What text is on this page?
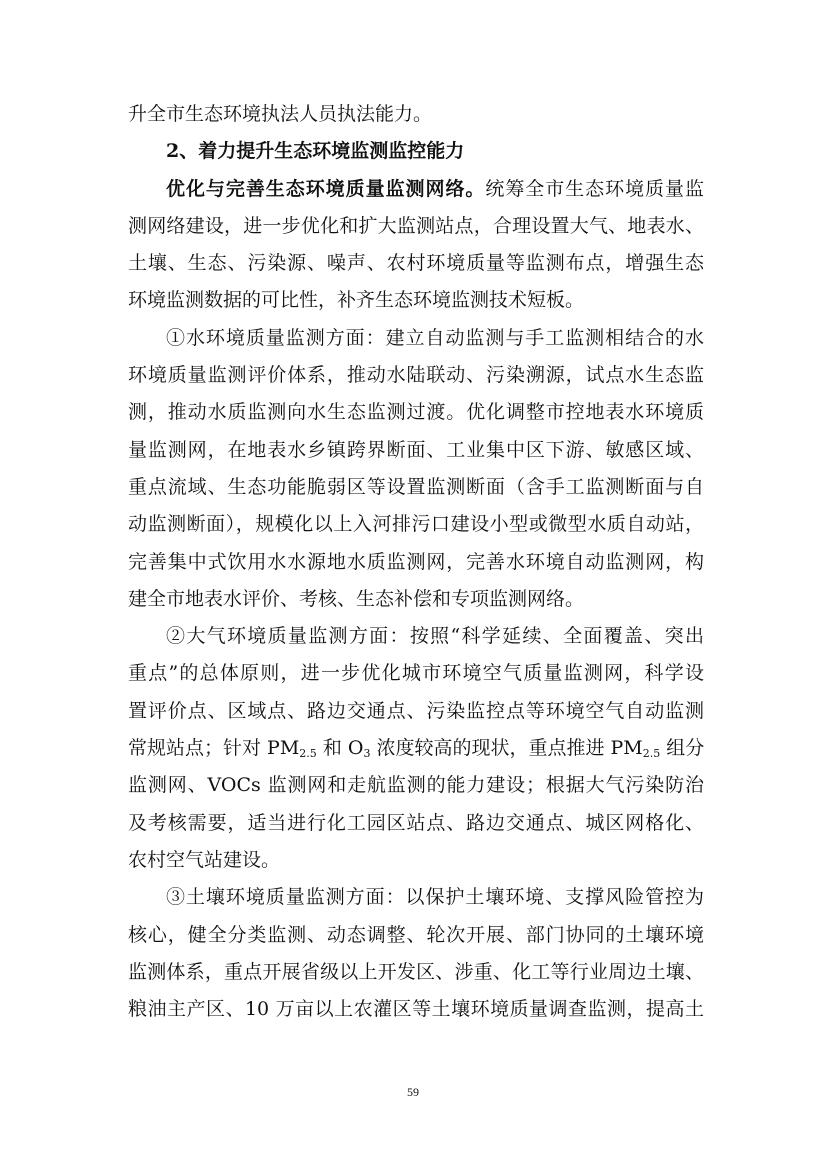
升全市生态环境执法人员执法能力。
2、着力提升生态环境监测监控能力
优化与完善生态环境质量监测网络。统筹全市生态环境质量监
测网络建设，进一步优化和扩大监测站点，合理设置大气、地表水、
土壤、生态、污染源、噪声、农村环境质量等监测布点，增强生态
环境监测数据的可比性，补齐生态环境监测技术短板。
①水环境质量监测方面：建立自动监测与手工监测相结合的水
环境质量监测评价体系，推动水陆联动、污染溯源，试点水生态监
测，推动水质监测向水生态监测过渡。优化调整市控地表水环境质
量监测网，在地表水乡镇跨界断面、工业集中区下游、敏感区域、
重点流域、生态功能脆弱区等设置监测断面（含手工监测断面与自
动监测断面），规模化以上入河排污口建设小型或微型水质自动站，
完善集中式饮用水水源地水质监测网，完善水环境自动监测网，构
建全市地表水评价、考核、生态补偿和专项监测网络。
②大气环境质量监测方面：按照“科学延续、全面覆盖、突出
重点”的总体原则，进一步优化城市环境空气质量监测网，科学设
置评价点、区域点、路边交通点、污染监控点等环境空气自动监测
常规站点；针对 $PM_{2.5}$ 和 $O_3$ 浓度较高的现状，重点推进 $PM_{2.5}$ 组分
监测网、VOCs 监测网和走航监测的能力建设；根据大气污染防治
及考核需要，适当进行化工园区站点、路边交通点、城区网格化、
农村空气站建设。
③土壤环境质量监测方面：以保护土壤环境、支撑风险管控为
核心，健全分类监测、动态调整、轮次开展、部门协同的土壤环境
监测体系，重点开展省级以上开发区、涉重、化工等行业周边土壤、
粮油主产区、10 万亩以上农灌区等土壤环境质量调查监测，提高土
59
